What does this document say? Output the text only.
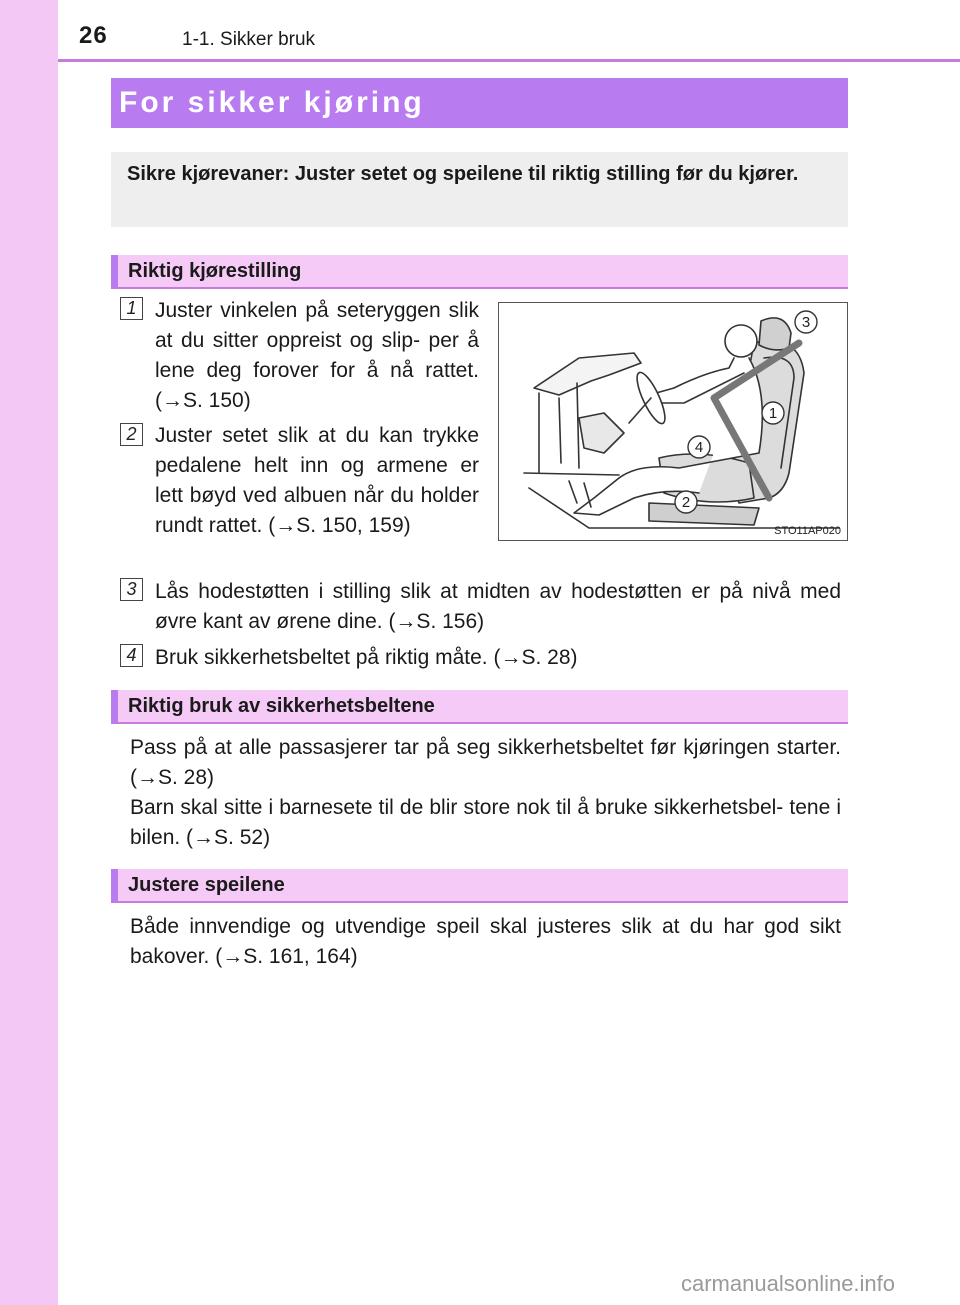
26	1-1. Sikker bruk
For sikker kjøring
Sikre kjørevaner: Juster setet og speilene til riktig stilling før du kjører.
Riktig kjørestilling
1 Juster vinkelen på seteryggen slik at du sitter oppreist og slip- per å lene deg forover for å nå rattet. (→S. 150)
2 Juster setet slik at du kan trykke pedalene helt inn og armene er lett bøyd ved albuen når du holder rundt rattet. (→S. 150, 159)
3
1
4
2
STO11AP020
3 Lås hodestøtten i stilling slik at midten av hodestøtten er på nivå med øvre kant av ørene dine. (→S. 156)
4 Bruk sikkerhetsbeltet på riktig måte. (→S. 28)
Riktig bruk av sikkerhetsbeltene
Pass på at alle passasjerer tar på seg sikkerhetsbeltet før kjøringen starter. (→S. 28)
Barn skal sitte i barnesete til de blir store nok til å bruke sikkerhetsbel- tene i bilen. (→S. 52)
Justere speilene
Både innvendige og utvendige speil skal justeres slik at du har god sikt bakover. (→S. 161, 164)
carmanualsonline.info
